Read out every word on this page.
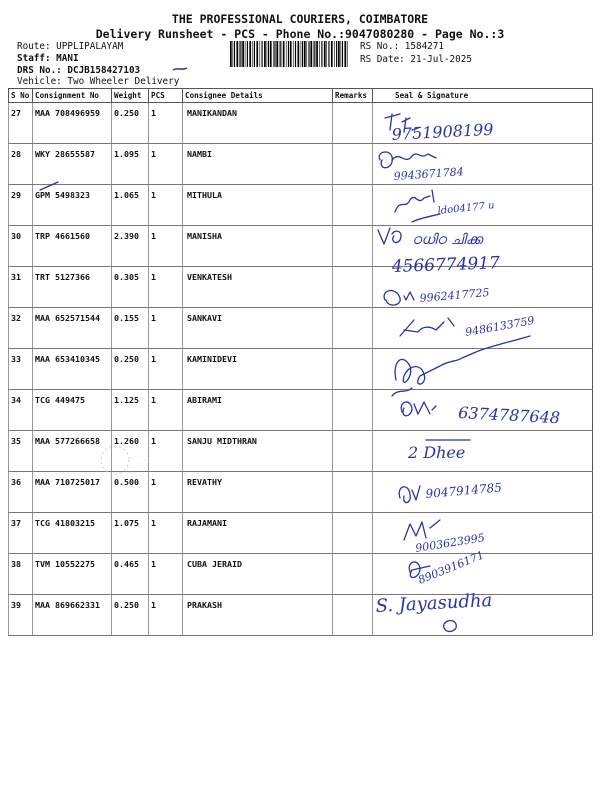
THE PROFESSIONAL COURIERS, COIMBATORE
Delivery Runsheet - PCS - Phone No.:9047080280 - Page No.:3
Route: UPPLIPALAYAM
Staff: MANI
DRS No.: DCJB158427103
Vehicle: Two Wheeler Delivery
RS No.: 1584271
RS Date: 21-Jul-2025
S No	Consignment No	Weight	PCS	Consignee Details	Remarks	Seal & Signature
27	MAA 708496959	0.250	1	MANIKANDAN		
28	WKY 28655587	1.095	1	NAMBI		
29	GPM 5498323	1.065	1	MITHULA		
30	TRP 4661560	2.390	1	MANISHA		
31	TRT 5127366	0.305	1	VENKATESH		
32	MAA 652571544	0.155	1	SANKAVI		
33	MAA 653410345	0.250	1	KAMINIDEVI		
34	TCG 449475	1.125	1	ABIRAMI		
35	MAA 577266658	1.260	1	SANJU MIDTHRAN		
36	MAA 710725017	0.500	1	REVATHY		
37	TCG 41803215	1.075	1	RAJAMANI		
38	TVM 10552275	0.465	1	CUBA JERAID		
39	MAA 869662331	0.250	1	PRAKASH		
9751908199
9943671784
ldo04177 u
ഠധിഠ ചിക്ക
4566774917
9962417725
9486133759
6374787648
2 Dhee
9047914785
9003623995
8903916171
S. Jayasudha
